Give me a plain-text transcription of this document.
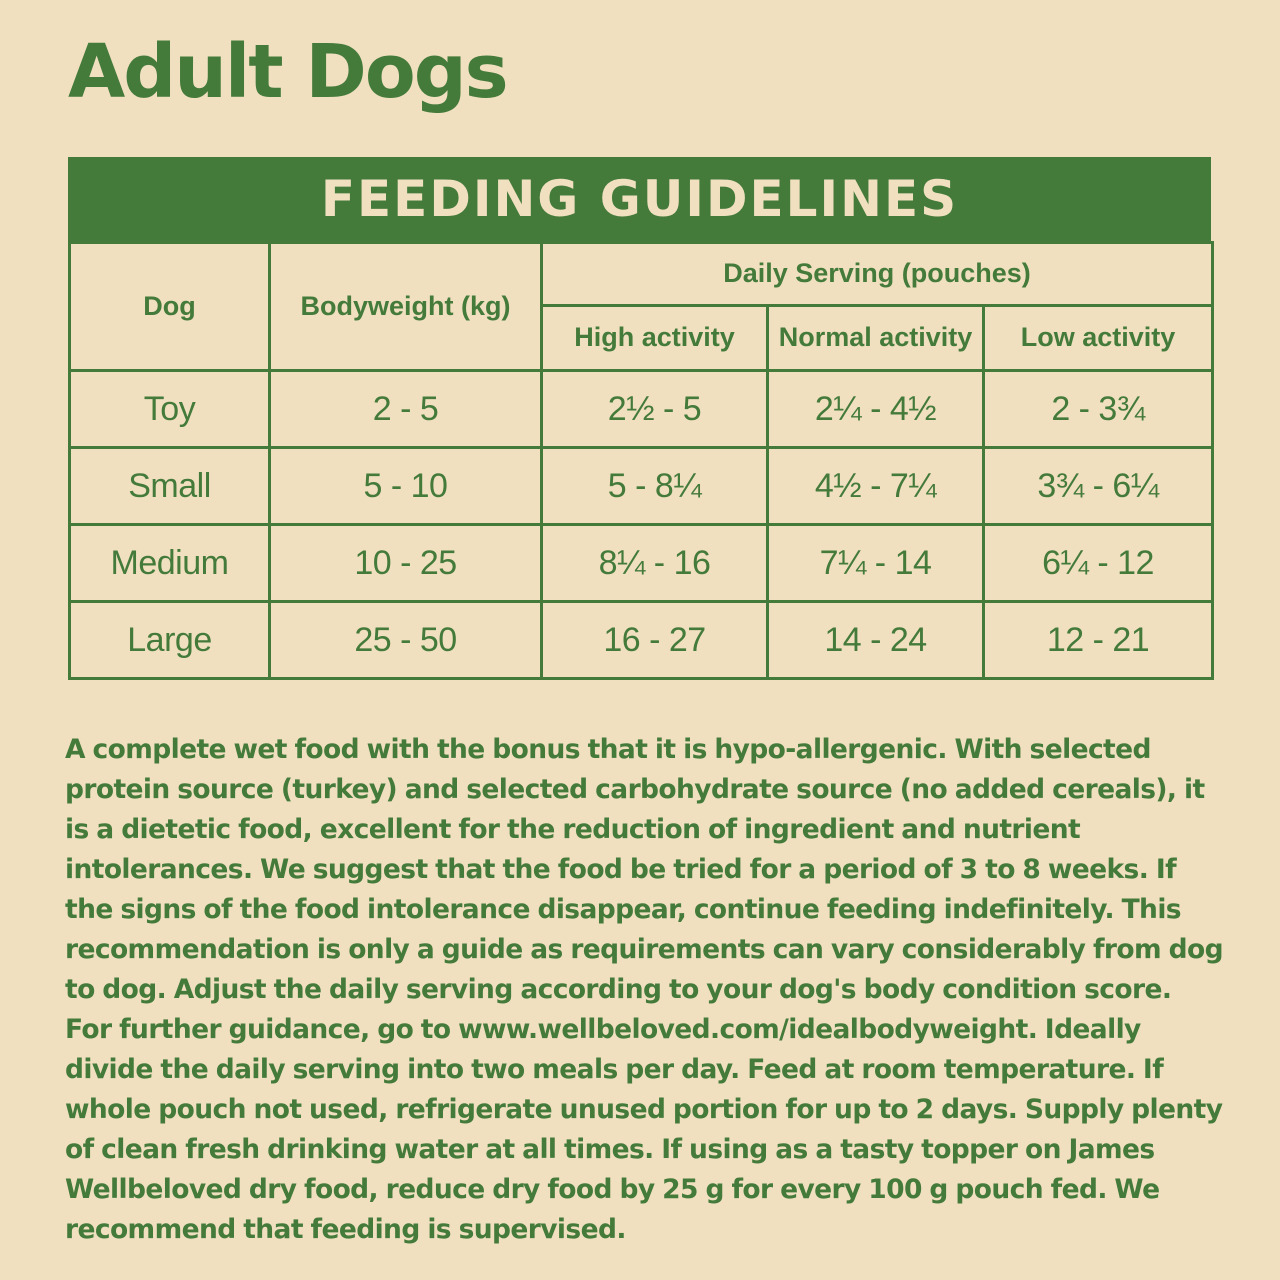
Adult Dogs
FEEDING GUIDELINES
Dog	Bodyweight (kg)	Daily Serving (pouches)		
		High activity	Normal activity	Low activity
Toy	2 - 5	2½ - 5	2¼ - 4½	2 - 3¾
Small	5 - 10	5 - 8¼	4½ - 7¼	3¾ - 6¼
Medium	10 - 25	8¼ - 16	7¼ - 14	6¼ - 12
Large	25 - 50	16 - 27	14 - 24	12 - 21

A complete wet food with the bonus that it is hypo-allergenic. With selected protein source (turkey) and selected carbohydrate source (no added cereals), it is a dietetic food, excellent for the reduction of ingredient and nutrient intolerances. We suggest that the food be tried for a period of 3 to 8 weeks. If the signs of the food intolerance disappear, continue feeding indefinitely. This recommendation is only a guide as requirements can vary considerably from dog to dog. Adjust the daily serving according to your dog's body condition score. For further guidance, go to www.wellbeloved.com/idealbodyweight. Ideally divide the daily serving into two meals per day. Feed at room temperature. If whole pouch not used, refrigerate unused portion for up to 2 days. Supply plenty of clean fresh drinking water at all times. If using as a tasty topper on James Wellbeloved dry food, reduce dry food by 25 g for every 100 g pouch fed. We recommend that feeding is supervised.
